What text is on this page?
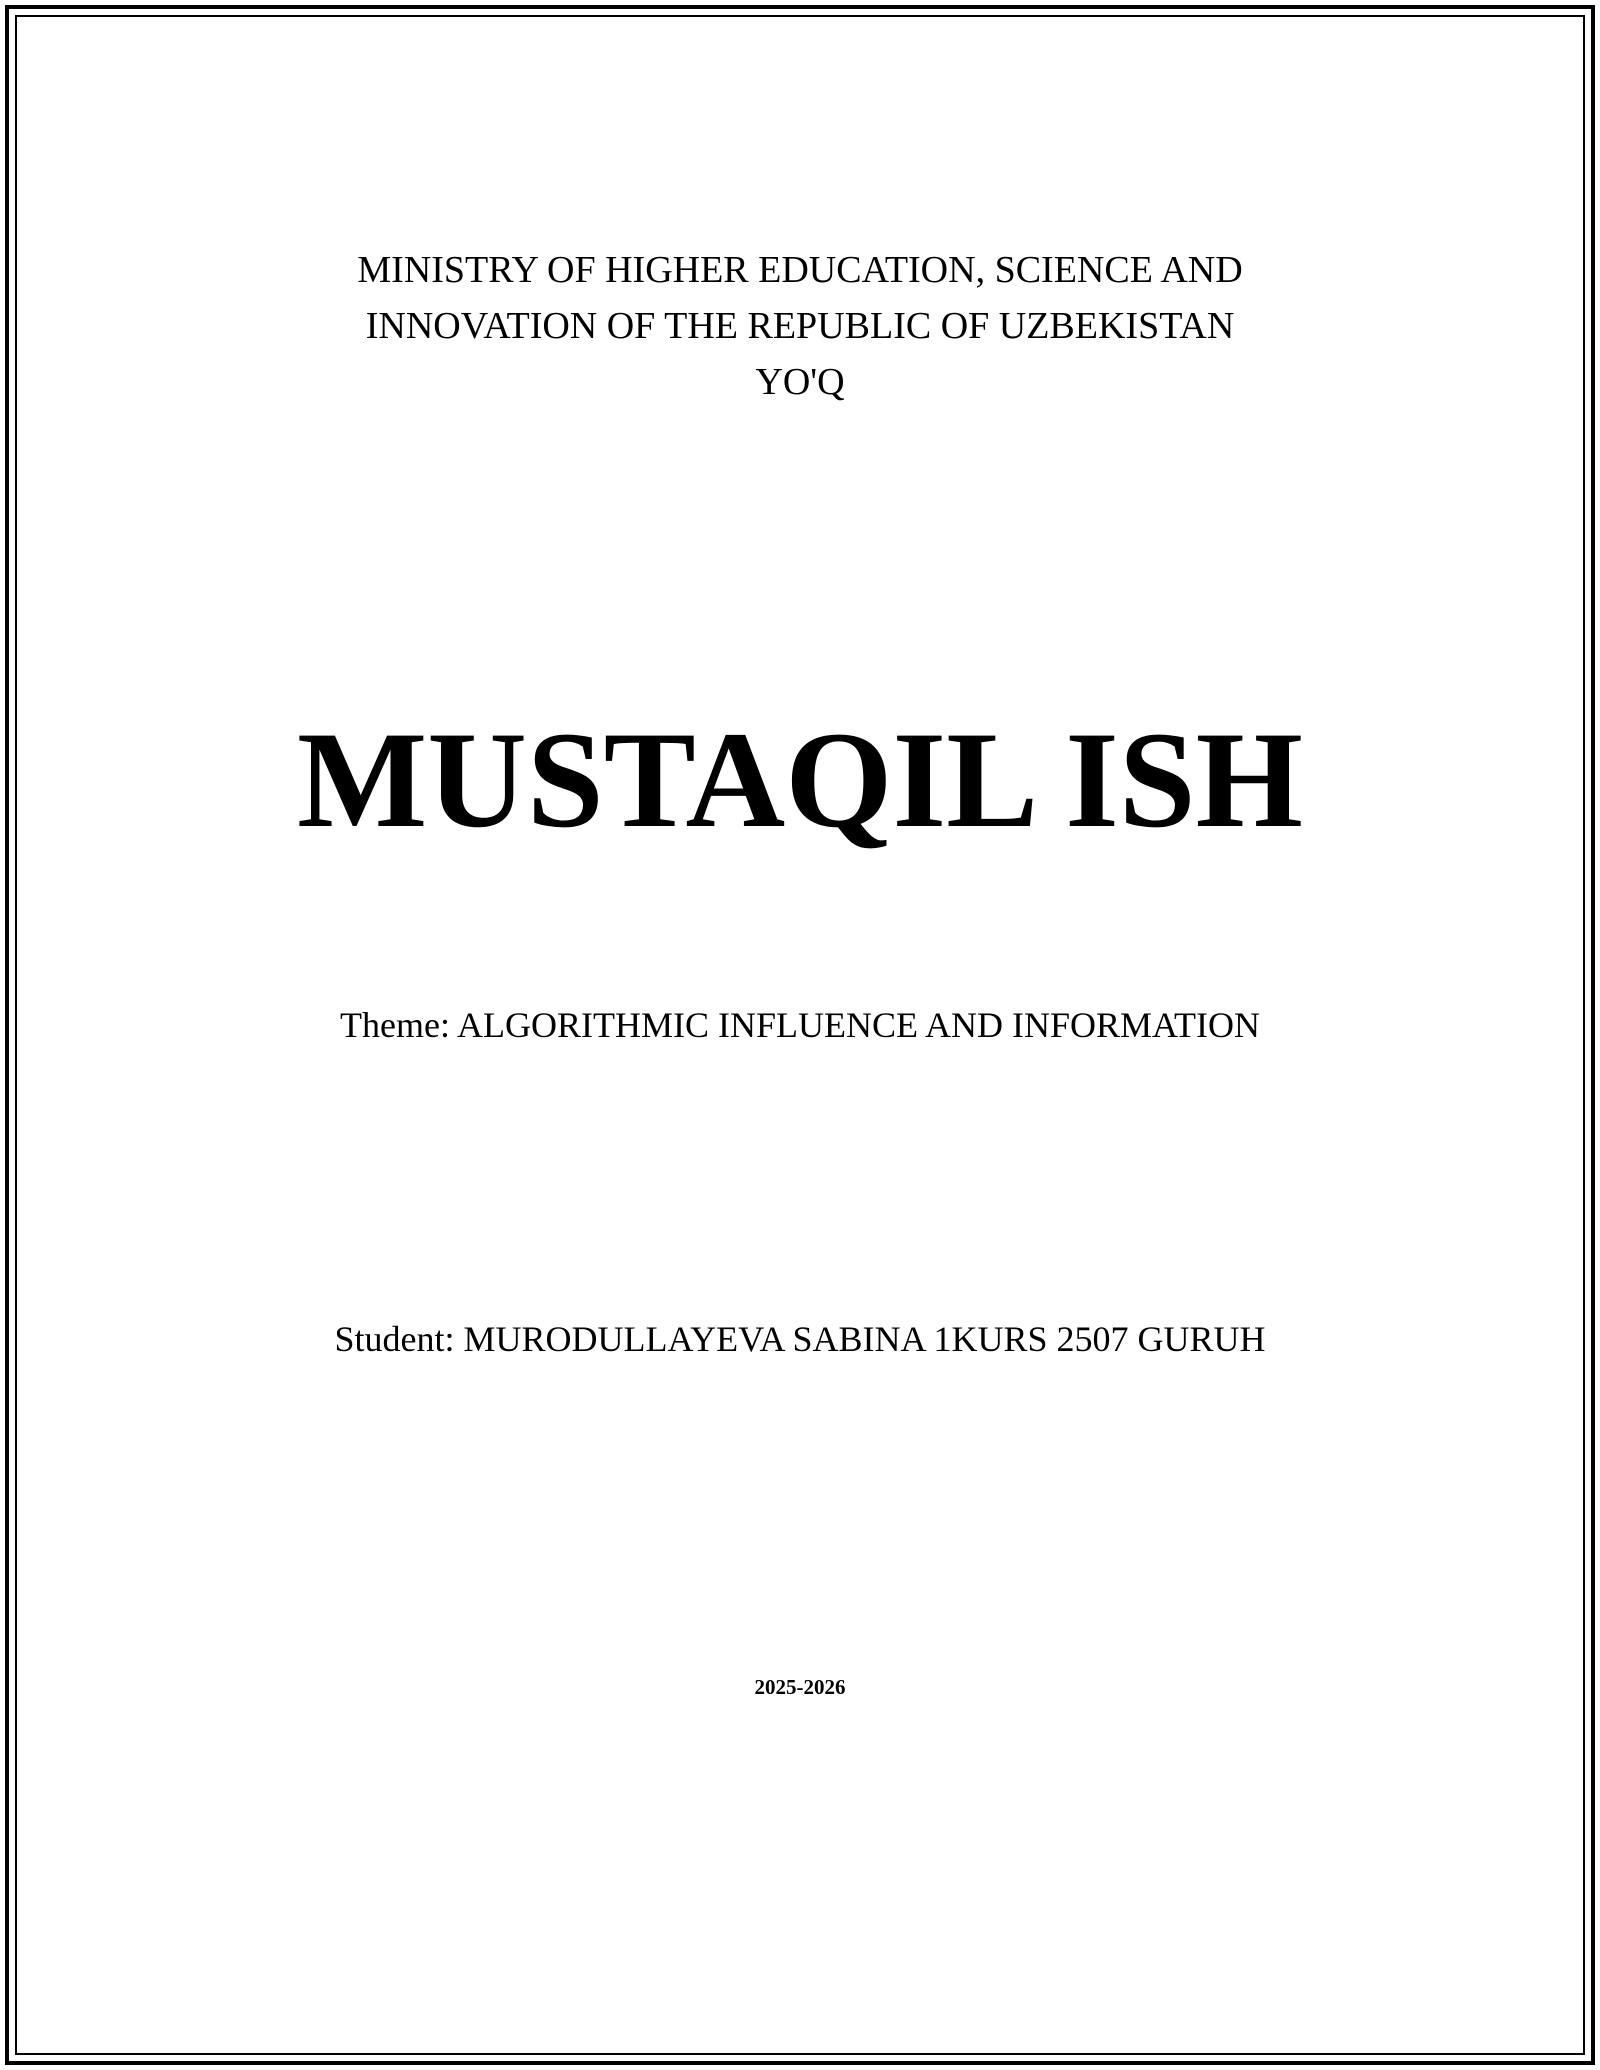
MINISTRY OF HIGHER EDUCATION, SCIENCE AND
INNOVATION OF THE REPUBLIC OF UZBEKISTAN
YO'Q
MUSTAQIL ISH
Theme: ALGORITHMIC INFLUENCE AND INFORMATION
Student: MURODULLAYEVA SABINA 1KURS 2507 GURUH
2025-2026
